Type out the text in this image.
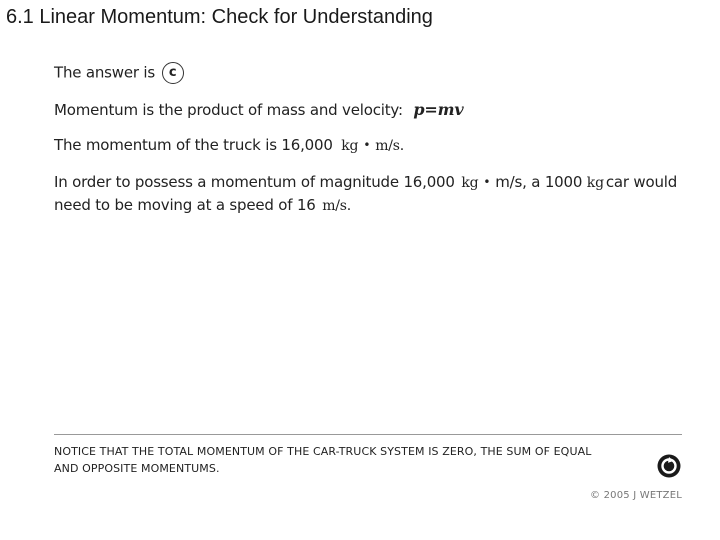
6.1 Linear Momentum: Check for Understanding
The answer is c
Momentum is the product of mass and velocity: p=mv
The momentum of the truck is 16,000 kg • m/s.
In order to possess a momentum of magnitude 16,000 kg • m/s, a 1000 kg car would
need to be moving at a speed of 16 m/s.
NOTICE THAT THE TOTAL MOMENTUM OF THE CAR-TRUCK SYSTEM IS ZERO, THE SUM OF EQUAL
AND OPPOSITE MOMENTUMS.
© 2005 J WETZEL
